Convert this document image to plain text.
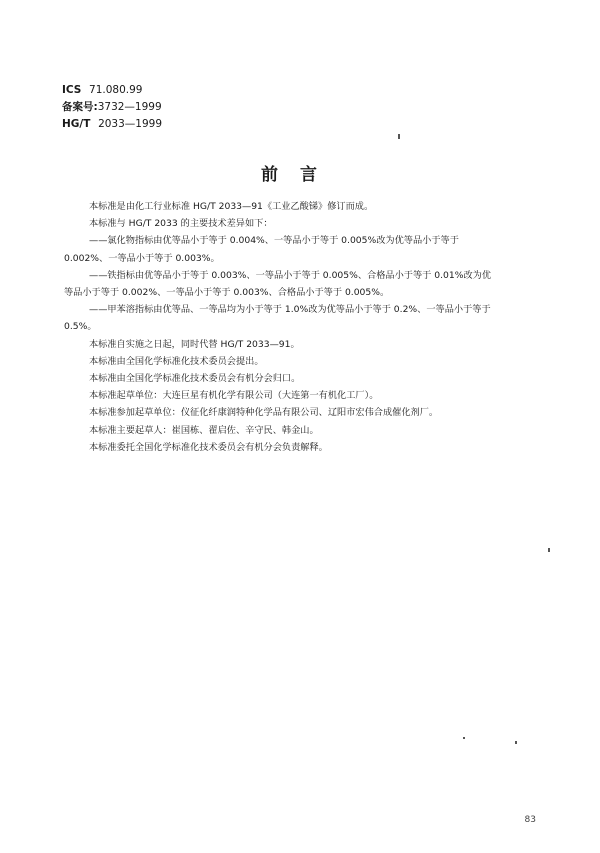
ICS 71.080.99
备案号:3732—1999
HG/T 2033—1999
前言

本标准是由化工行业标准 HG/T 2033—91《工业乙酸锑》修订而成。

本标准与 HG/T 2033 的主要技术差异如下：

——氯化物指标由优等品小于等于 0.004%、一等品小于等于 0.005%改为优等品小于等于

0.002%、一等品小于等于 0.003%。

——铁指标由优等品小于等于 0.003%、一等品小于等于 0.005%、合格品小于等于 0.01%改为优

等品小于等于 0.002%、一等品小于等于 0.003%、合格品小于等于 0.005%。

——甲苯溶指标由优等品、一等品均为小于等于 1.0%改为优等品小于等于 0.2%、一等品小于等于

0.5%。

本标准自实施之日起，同时代替 HG/T 2033—91。

本标准由全国化学标准化技术委员会提出。

本标准由全国化学标准化技术委员会有机分会归口。

本标准起草单位：大连巨星有机化学有限公司（大连第一有机化工厂）。

本标准参加起草单位：仪征化纤康润特种化学品有限公司、辽阳市宏伟合成催化剂厂。

本标准主要起草人：崔国栋、翟启佐、辛守民、韩金山。

本标准委托全国化学标准化技术委员会有机分会负责解释。

83
